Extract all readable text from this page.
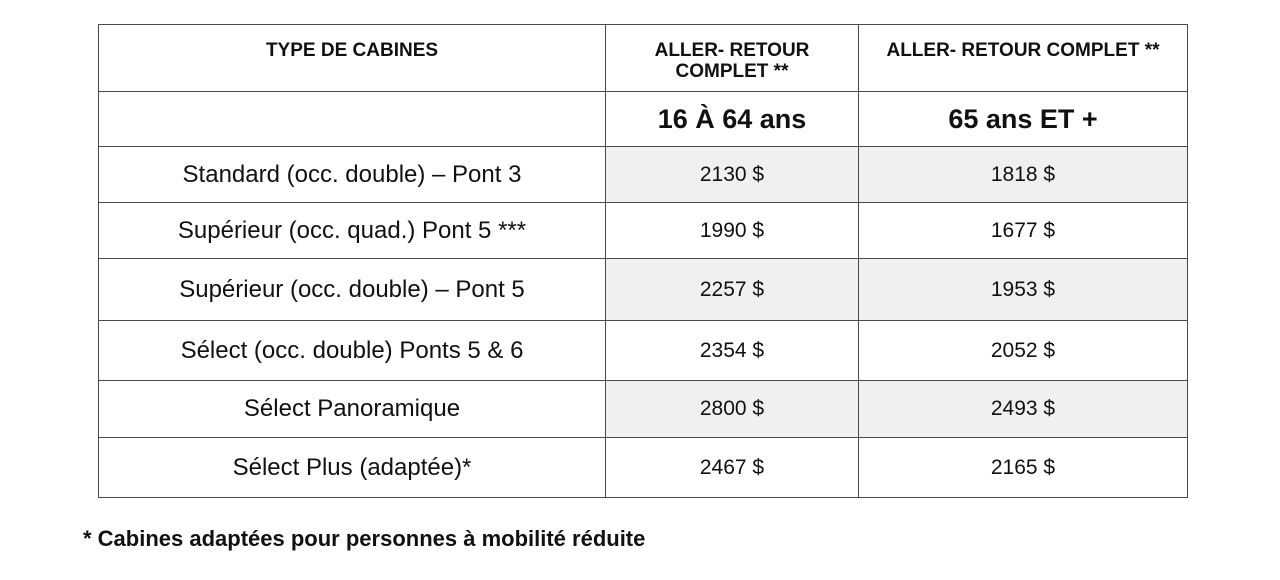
TYPE DE CABINES	ALLER- RETOUR COMPLET **	ALLER- RETOUR COMPLET **

	16 À 64 ans	65 ans ET +
Standard (occ. double) – Pont 3	2130 $	1818 $
Supérieur (occ. quad.) Pont 5 ***	1990 $	1677 $
Supérieur (occ. double) – Pont 5	2257 $	1953 $
Sélect (occ. double) Ponts 5 & 6	2354 $	2052 $
Sélect Panoramique	2800 $	2493 $
Sélect Plus (adaptée)*	2467 $	2165 $
* Cabines adaptées pour personnes à mobilité réduite
